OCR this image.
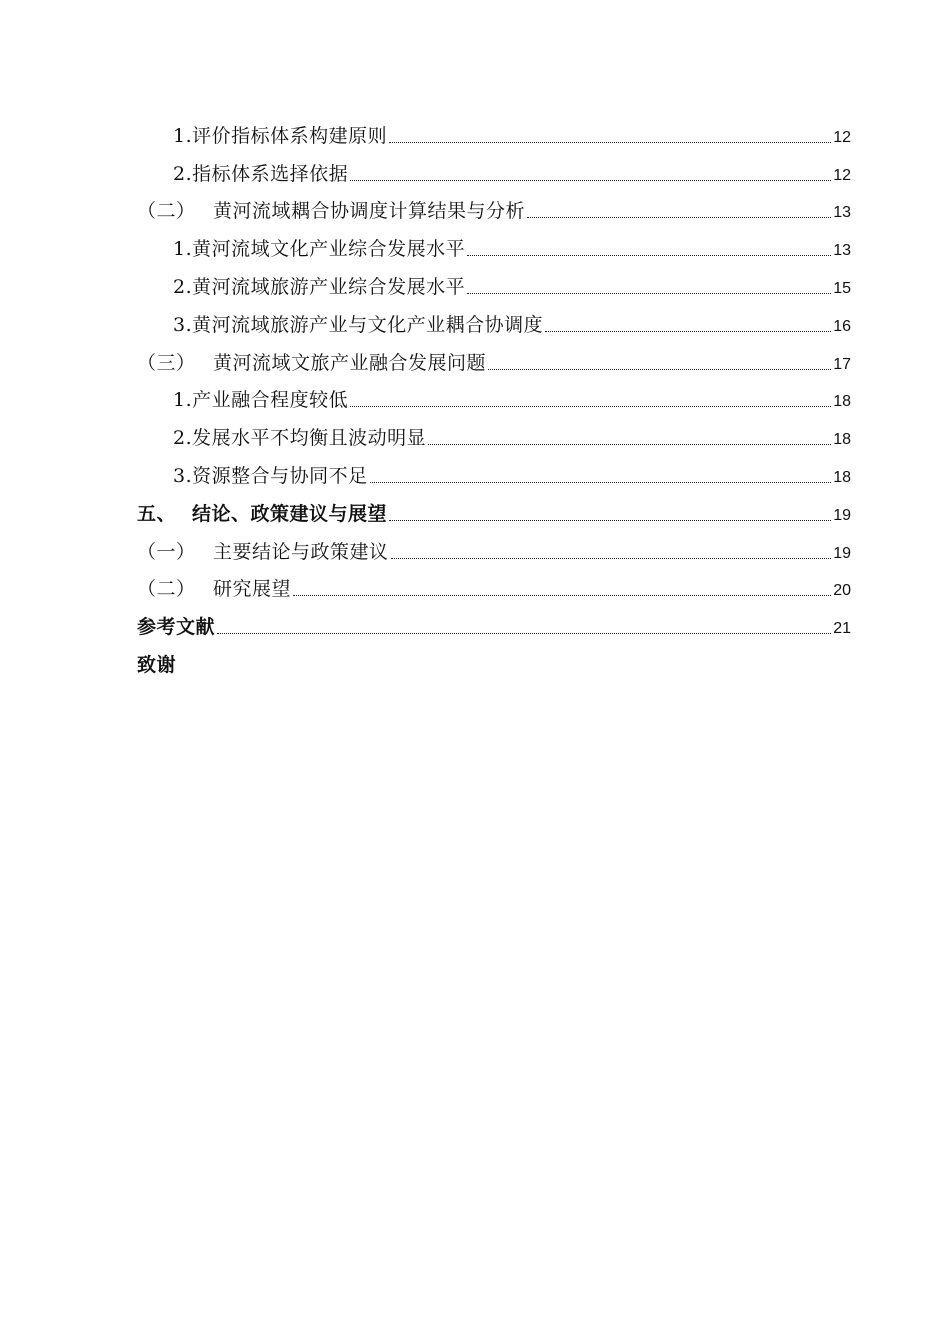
1.评价指标体系构建原则	12
2.指标体系选择依据	12
（二） 黄河流域耦合协调度计算结果与分析	13
1.黄河流域文化产业综合发展水平	13
2.黄河流域旅游产业综合发展水平	15
3.黄河流域旅游产业与文化产业耦合协调度	16
（三） 黄河流域文旅产业融合发展问题	17
1.产业融合程度较低	18
2.发展水平不均衡且波动明显	18
3.资源整合与协同不足	18
五、 结论、政策建议与展望	19
（一） 主要结论与政策建议	19
（二） 研究展望	20
参考文献	21
致谢
